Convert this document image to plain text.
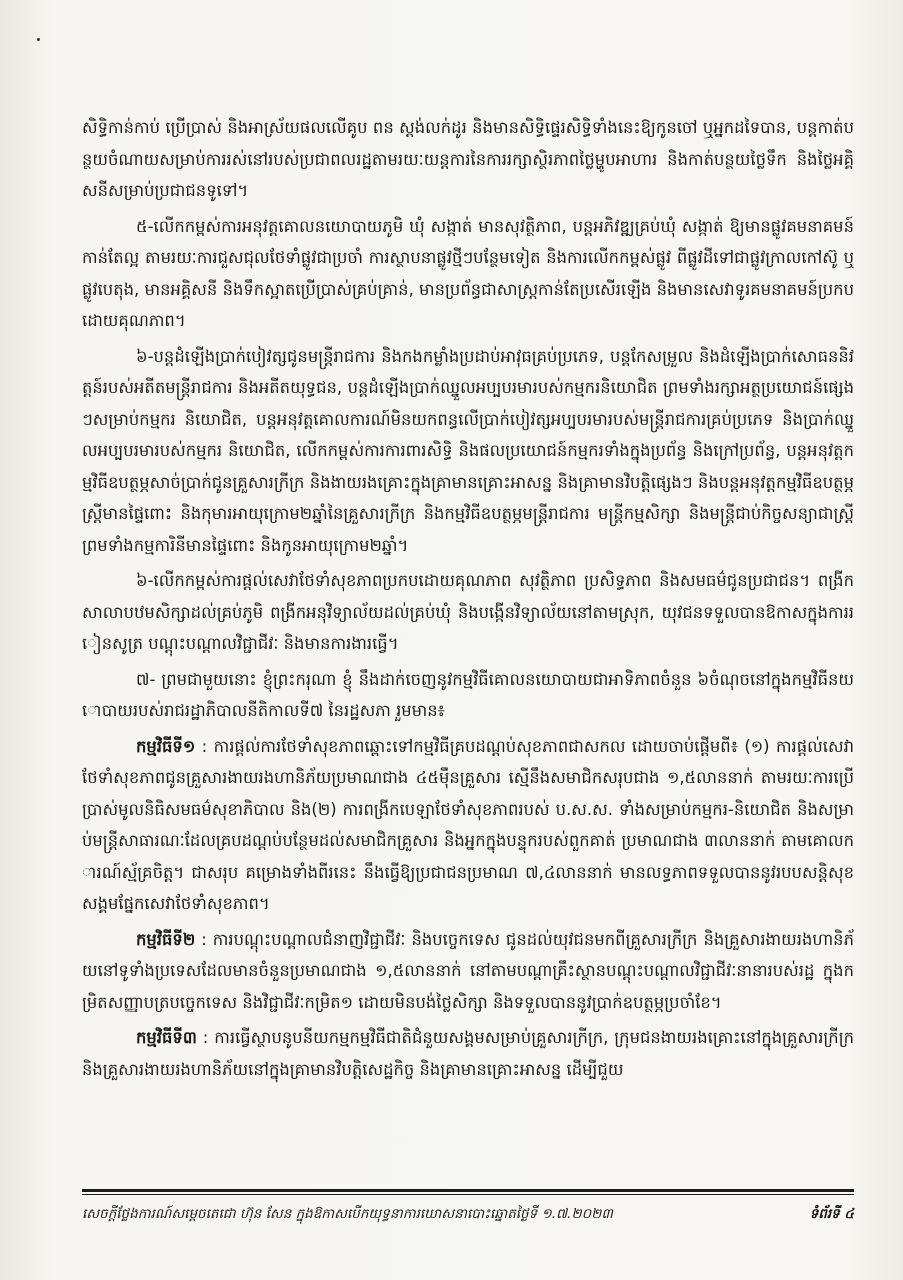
សិទ្ធិកាន់កាប់ ប្រើប្រាស់ និងអាស្រ័យផលលើគូប ពន ស្តង់លក់ដូរ និងមានសិទ្ធិផ្ទេរសិទ្ធិទាំងនេះឱ្យកូនចៅ ឬអ្នកដទៃបាន, បន្តកាត់បន្ថយចំណាយសម្រាប់ការរស់នៅរបស់ប្រជាពលរដ្ឋតាមរយៈយន្តការនៃការរក្សាស្ថិរភាពថ្លៃម្ហូបអាហារ និងកាត់បន្ថយថ្លៃទឹក និងថ្លៃអគ្គិសនីសម្រាប់ប្រជាជនទូទៅ។

៥-លើកកម្ពស់ការអនុវត្តគោលនយោបាយភូមិ ឃុំ សង្កាត់ មានសុវត្ថិភាព, បន្តអភិវឌ្ឍគ្រប់ឃុំ សង្កាត់ ឱ្យមានផ្លូវគមនាគមន៍កាន់តែល្អ តាមរយៈការជួសជុលថែទាំផ្លូវជាប្រចាំ ការស្ថាបនាផ្លូវថ្មីៗបន្ថែមទៀត និងការលើកកម្ពស់ផ្លូវ ពីផ្លូវដីទៅជាផ្លូវក្រាលកៅស៊ូ ឬផ្លូវបេតុង, មានអគ្គិសនី និងទឹកស្អាតប្រើប្រាស់គ្រប់គ្រាន់, មានប្រព័ន្ធជាសាស្ត្រកាន់តែប្រសើរឡើង និងមានសេវាទូរគមនាគមន៍ប្រកបដោយគុណភាព។

៦-បន្តដំឡើងប្រាក់បៀវត្សជូនមន្ត្រីរាជការ និងកងកម្លាំងប្រដាប់អាវុធគ្រប់ប្រភេទ, បន្តកែសម្រួល និងដំឡើងប្រាក់សោធននិវត្តន៍របស់អតីតមន្ត្រីរាជការ និងអតីតយុទ្ធជន, បន្តដំឡើងប្រាក់ឈ្នួលអប្បបរមារបស់កម្មករនិយោជិត ព្រមទាំងរក្សាអត្ថប្រយោជន៍ផ្សេងៗសម្រាប់កម្មករ និយោជិត, បន្តអនុវត្តគោលការណ៍មិនយកពន្ធលើប្រាក់បៀវត្សអប្បបរមារបស់មន្ត្រីរាជការគ្រប់ប្រភេទ និងប្រាក់ឈ្នួលអប្បបរមារបស់កម្មករ និយោជិត, លើកកម្ពស់ការការពារសិទ្ធិ និងផលប្រយោជន៍កម្មករទាំងក្នុងប្រព័ន្ធ និងក្រៅប្រព័ន្ធ, បន្តអនុវត្តកម្មវិធីឧបត្ថម្ភសាច់ប្រាក់ជូនគ្រួសារក្រីក្រ និងងាយរងគ្រោះក្នុងគ្រាមានគ្រោះអាសន្ន និងគ្រាមានវិបត្តិផ្សេងៗ និងបន្តអនុវត្តកម្មវិធីឧបត្ថម្ភស្ត្រីមានផ្ទៃពោះ និងកុមារអាយុក្រោម២ឆ្នាំនៃគ្រួសារក្រីក្រ និងកម្មវិធីឧបត្ថម្ភមន្ត្រីរាជការ មន្ត្រីកម្មសិក្សា និងមន្ត្រីជាប់កិច្ចសន្យាជាស្ត្រី ព្រមទាំងកម្មការិនីមានផ្ទៃពោះ និងកូនអាយុក្រោម២ឆ្នាំ។

៦-លើកកម្ពស់ការផ្តល់សេវាថែទាំសុខភាពប្រកបដោយគុណភាព សុវត្ថិភាព ប្រសិទ្ធភាព និងសមធម៌ជូនប្រជាជន។ ពង្រីកសាលាបឋមសិក្សាដល់គ្រប់ភូមិ ពង្រីកអនុវិទ្យាល័យដល់គ្រប់ឃុំ និងបង្កើនវិទ្យាល័យនៅតាមស្រុក, យុវជនទទួលបានឱកាសក្នុងការរៀនសូត្រ បណ្តុះបណ្តាលវិជ្ជាជីវៈ និងមានការងារធ្វើ។

៧- ព្រមជាមួយនោះ ខ្ញុំព្រះករុណា ខ្ញុំ នឹងដាក់ចេញនូវកម្មវិធីគោលនយោបាយជាអាទិភាពចំនួន ៦ចំណុចនៅក្នុងកម្មវិធីនយោបាយរបស់រាជរដ្ឋាភិបាលនីតិកាលទី៧ នៃរដ្ឋសភា រួមមាន៖

កម្មវិធីទី១ : ការផ្តល់ការថែទាំសុខភាពឆ្ពោះទៅកម្មវិធីគ្របដណ្តប់សុខភាពជាសកល ដោយចាប់ផ្តើមពី៖ (១) ការផ្តល់សេវាថែទាំសុខភាពជូនគ្រួសារងាយរងហានិភ័យប្រមាណជាង ៤៥ម៉ឺនគ្រួសារ ស្មើនឹងសមាជិកសរុបជាង ១,៥លាននាក់ តាមរយៈការប្រើប្រាស់មូលនិធិសមធម៌សុខាភិបាល និង(២) ការពង្រីកបេឡាថែទាំសុខភាពរបស់ ប.ស.ស. ទាំងសម្រាប់កម្មករ-និយោជិត និងសម្រាប់មន្ត្រីសាធារណៈដែលគ្របដណ្តប់បន្ថែមដល់សមាជិកគ្រួសារ និងអ្នកក្នុងបន្ទុករបស់ពួកគាត់ ប្រមាណជាង ៣លាននាក់ តាមគោលការណ៍ស្ម័គ្រចិត្ត។ ជាសរុប គម្រោងទាំងពីរនេះ នឹងធ្វើឱ្យប្រជាជនប្រមាណ ៧,៤លាននាក់ មានលទ្ធភាពទទួលបាននូវរបបសន្តិសុខសង្គមផ្នែកសេវាថែទាំសុខភាព។

កម្មវិធីទី២ : ការបណ្តុះបណ្តាលជំនាញវិជ្ជាជីវៈ និងបច្ចេកទេស ជូនដល់យុវជនមកពីគ្រួសារក្រីក្រ និងគ្រួសារងាយរងហានិភ័យនៅទូទាំងប្រទេសដែលមានចំនួនប្រមាណជាង ១,៥លាននាក់ នៅតាមបណ្តាគ្រឹះស្ថានបណ្តុះបណ្តាលវិជ្ជាជីវៈនានារបស់រដ្ឋ ក្នុងកម្រិតសញ្ញាបត្របច្ចេកទេស និងវិជ្ជាជីវៈកម្រិត១ ដោយមិនបង់ថ្លៃសិក្សា និងទទួលបាននូវប្រាក់ឧបត្ថម្ភប្រចាំខែ។

កម្មវិធីទី៣ : ការធ្វើស្ថាបនូបនីយកម្មកម្មវិធីជាតិជំនួយសង្គមសម្រាប់គ្រួសារក្រីក្រ, ក្រុមជនងាយរងគ្រោះនៅក្នុងគ្រួសារក្រីក្រ និងគ្រួសារងាយរងហានិភ័យនៅក្នុងគ្រាមានវិបត្តិសេដ្ឋកិច្ច និងគ្រាមានគ្រោះអាសន្ន ដើម្បីជួយ

សេចក្តីថ្លែងការណ៍សម្តេចតេជោ ហ៊ុន សែន ក្នុងឱកាសបើកយុទ្ធនាការឃោសនាបោះឆ្នោតថ្ងៃទី ១.៧.២០២៣	ទំព័រទី ៤
